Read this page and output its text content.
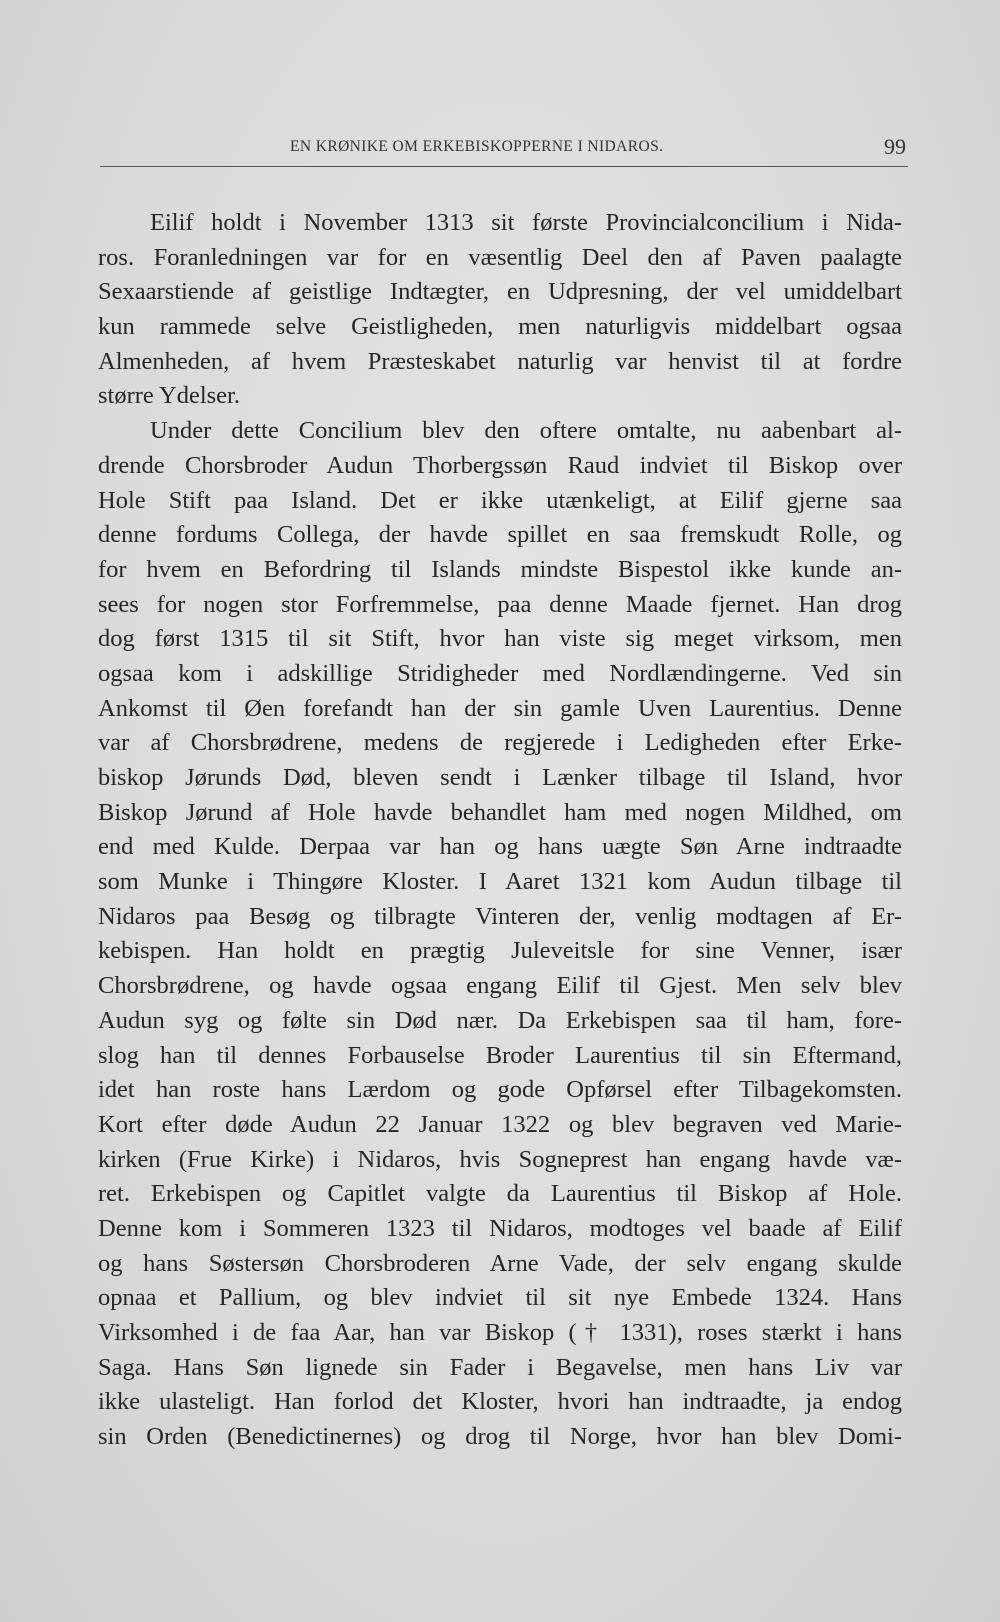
EN KRØNIKE OM ERKEBISKOPPERNE I NIDAROS.	99
Eilif holdt i November 1313 sit første Provincialconcilium i Nida-
ros. Foranledningen var for en væsentlig Deel den af Paven paalagte
Sexaarstiende af geistlige Indtægter, en Udpresning, der vel umiddelbart
kun rammede selve Geistligheden, men naturligvis middelbart ogsaa
Almenheden, af hvem Præsteskabet naturlig var henvist til at fordre
større Ydelser.
Under dette Concilium blev den oftere omtalte, nu aabenbart al-
drende Chorsbroder Audun Thorbergssøn Raud indviet til Biskop over
Hole Stift paa Island. Det er ikke utænkeligt, at Eilif gjerne saa
denne fordums Collega, der havde spillet en saa fremskudt Rolle, og
for hvem en Befordring til Islands mindste Bispestol ikke kunde an-
sees for nogen stor Forfremmelse, paa denne Maade fjernet. Han drog
dog først 1315 til sit Stift, hvor han viste sig meget virksom, men
ogsaa kom i adskillige Stridigheder med Nordlændingerne. Ved sin
Ankomst til Øen forefandt han der sin gamle Uven Laurentius. Denne
var af Chorsbrødrene, medens de regjerede i Ledigheden efter Erke-
biskop Jørunds Død, bleven sendt i Lænker tilbage til Island, hvor
Biskop Jørund af Hole havde behandlet ham med nogen Mildhed, om
end med Kulde. Derpaa var han og hans uægte Søn Arne indtraadte
som Munke i Thingøre Kloster. I Aaret 1321 kom Audun tilbage til
Nidaros paa Besøg og tilbragte Vinteren der, venlig modtagen af Er-
kebispen. Han holdt en prægtig Juleveitsle for sine Venner, især
Chorsbrødrene, og havde ogsaa engang Eilif til Gjest. Men selv blev
Audun syg og følte sin Død nær. Da Erkebispen saa til ham, fore-
slog han til dennes Forbauselse Broder Laurentius til sin Eftermand,
idet han roste hans Lærdom og gode Opførsel efter Tilbagekomsten.
Kort efter døde Audun 22 Januar 1322 og blev begraven ved Marie-
kirken (Frue Kirke) i Nidaros, hvis Sogneprest han engang havde væ-
ret. Erkebispen og Capitlet valgte da Laurentius til Biskop af Hole.
Denne kom i Sommeren 1323 til Nidaros, modtoges vel baade af Eilif
og hans Søstersøn Chorsbroderen Arne Vade, der selv engang skulde
opnaa et Pallium, og blev indviet til sit nye Embede 1324. Hans
Virksomhed i de faa Aar, han var Biskop († 1331), roses stærkt i hans
Saga. Hans Søn lignede sin Fader i Begavelse, men hans Liv var
ikke ulasteligt. Han forlod det Kloster, hvori han indtraadte, ja endog
sin Orden (Benedictinernes) og drog til Norge, hvor han blev Domi-
